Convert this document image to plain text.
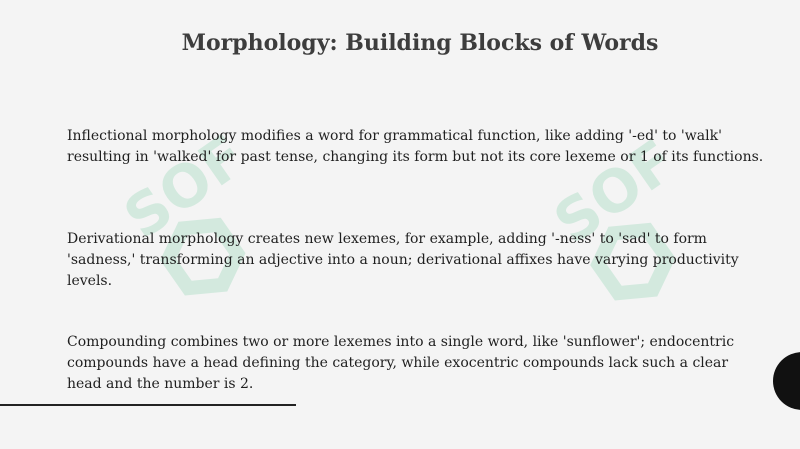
SOF	SOF
Morphology: Building Blocks of Words

Inflectional morphology modifies a word for grammatical function, like adding '-ed' to 'walk' resulting in 'walked' for past tense, changing its form but not its core lexeme or 1 of its functions.

Derivational morphology creates new lexemes, for example, adding '-ness' to 'sad' to form 'sadness,' transforming an adjective into a noun; derivational affixes have varying productivity levels.

Compounding combines two or more lexemes into a single word, like 'sunflower'; endocentric compounds have a head defining the category, while exocentric compounds lack such a clear head and the number is 2.
